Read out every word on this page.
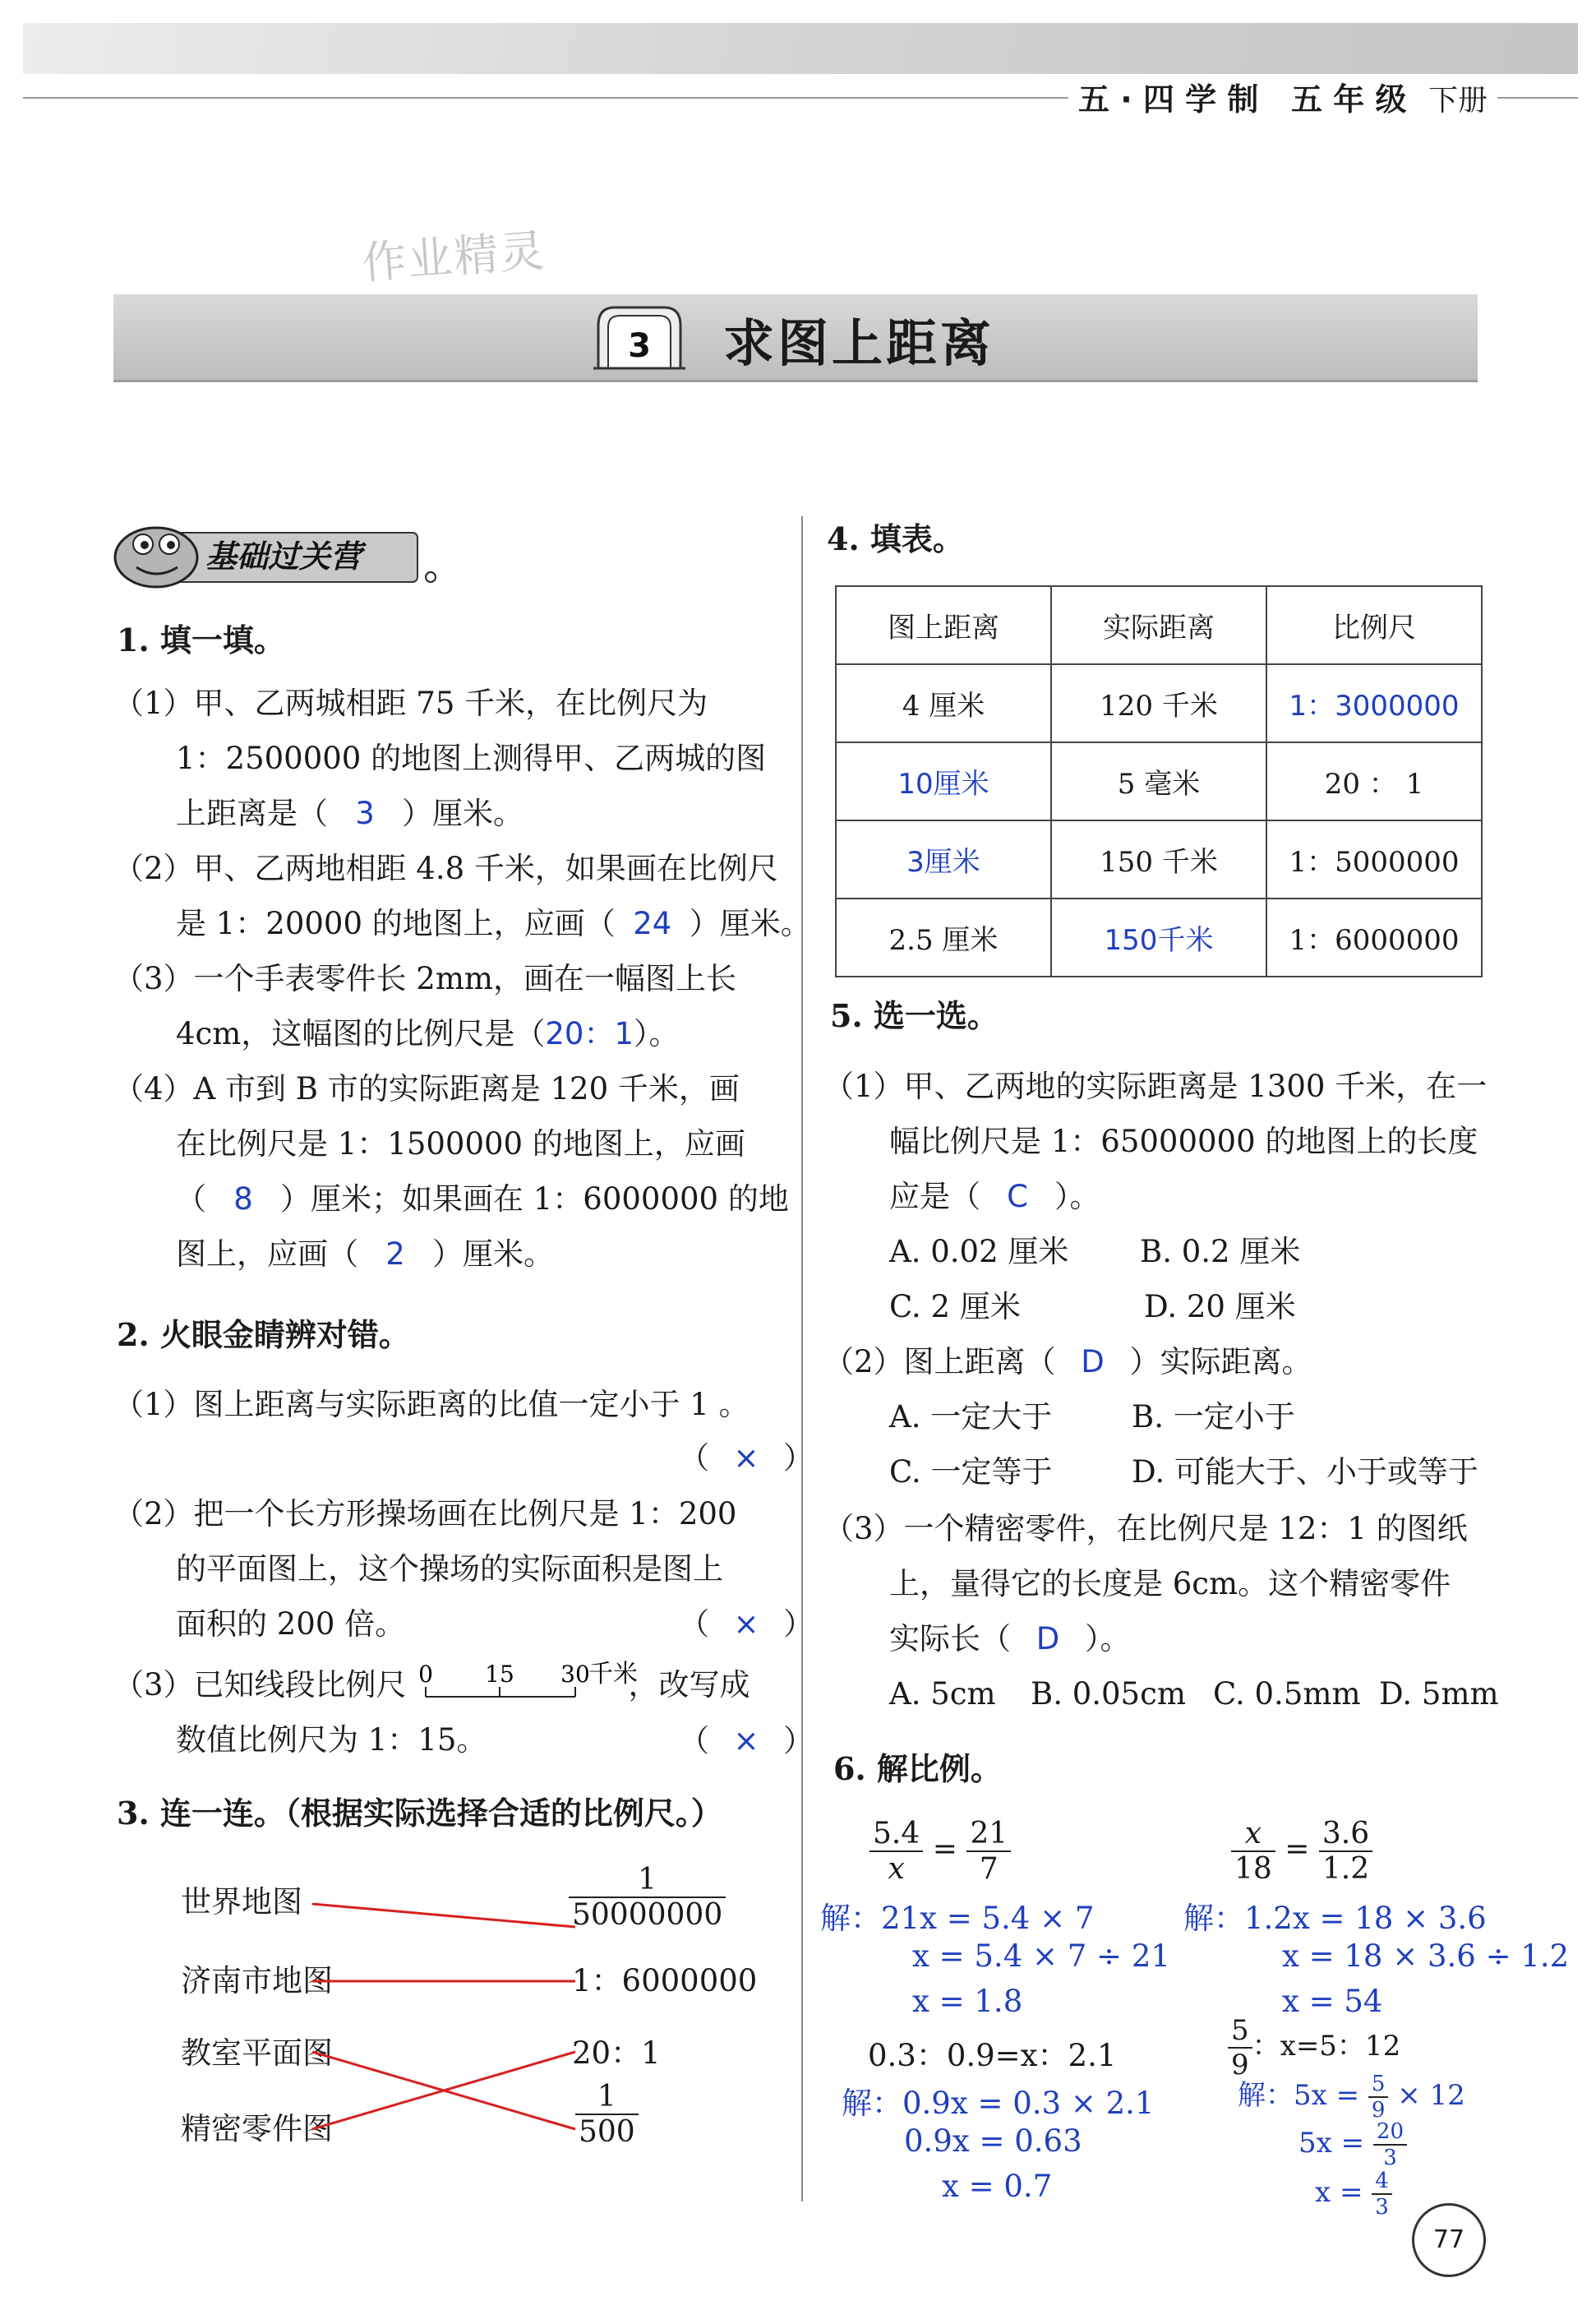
五 · 四 学 制 五 年 级 下册
作业精灵
3 求图上距离
基础过关营
1. 填一填。
（1）甲、乙两城相距 75 千米，在比例尺为
1：2500000 的地图上测得甲、乙两城的图
上距离是（ 3 ）厘米。
（2）甲、乙两地相距 4.8 千米，如果画在比例尺
是 1：20000 的地图上，应画（ 24 ）厘米。
（3）一个手表零件长 2mm，画在一幅图上长
4cm，这幅图的比例尺是（20：1）。
（4）A 市到 B 市的实际距离是 120 千米，画
在比例尺是 1：1500000 的地图上，应画
（ 8 ）厘米；如果画在 1：6000000 的地
图上，应画（ 2 ）厘米。
2. 火眼金睛辨对错。
（1）图上距离与实际距离的比值一定小于 1 。
（ × ）
（2）把一个长方形操场画在比例尺是 1：200
的平面图上，这个操场的实际面积是图上
面积的 200 倍。	（ × ）
（3）已知线段比例尺	，改写成
数值比例尺为 1：15。
0 15 30
千米
（ × ）
3. 连一连。（根据实际选择合适的比例尺。）
世界地图
济南市地图
教室平面图
精密零件图
$\frac{1}{50000000}$
1：6000000
20：1
$\frac{1}{500}$
4. 填表。
图上距离	实际距离	比例尺
4 厘米	120 千米	1：3000000
10厘米	5 毫米	20 ： 1
3厘米	150 千米	1：5000000
2.5 厘米	150千米	1：6000000
5. 选一选。
（1）甲、乙两地的实际距离是 1300 千米，在一
幅比例尺是 1：65000000 的地图上的长度
应是（ C ）。
A. 0.02 厘米 B. 0.2 厘米
C. 2 厘米	D. 20 厘米
（2）图上距离（ D ）实际距离。
A. 一定大于	B. 一定小于
C. 一定等于	D. 可能大于、小于或等于
（3）一个精密零件，在比例尺是 12：1 的图纸
上，量得它的长度是 6cm。这个精密零件
实际长（ D ）。
A. 5cm B. 0.05cm C. 0.5mm D. 5mm
6. 解比例。
$\frac{5.4}{x} = \frac{21}{7}$
解：21x = 5.4 × 7
x = 5.4 × 7 ÷ 21
x = 1.8
$\frac{x}{18} = \frac{3.6}{1.2}$
解：1.2x = 18 × 3.6
x = 18 × 3.6 ÷ 1.2
x = 54
0.3：0.9=x：2.1
解：0.9x = 0.3 × 2.1
0.9x = 0.63
x = 0.7
$\frac{5}{9}$ ：x=5：12
解：$5x = \frac{5}{9} \times 12$
$5x = \frac{20}{3}$
$x = \frac{4}{3}$
77
